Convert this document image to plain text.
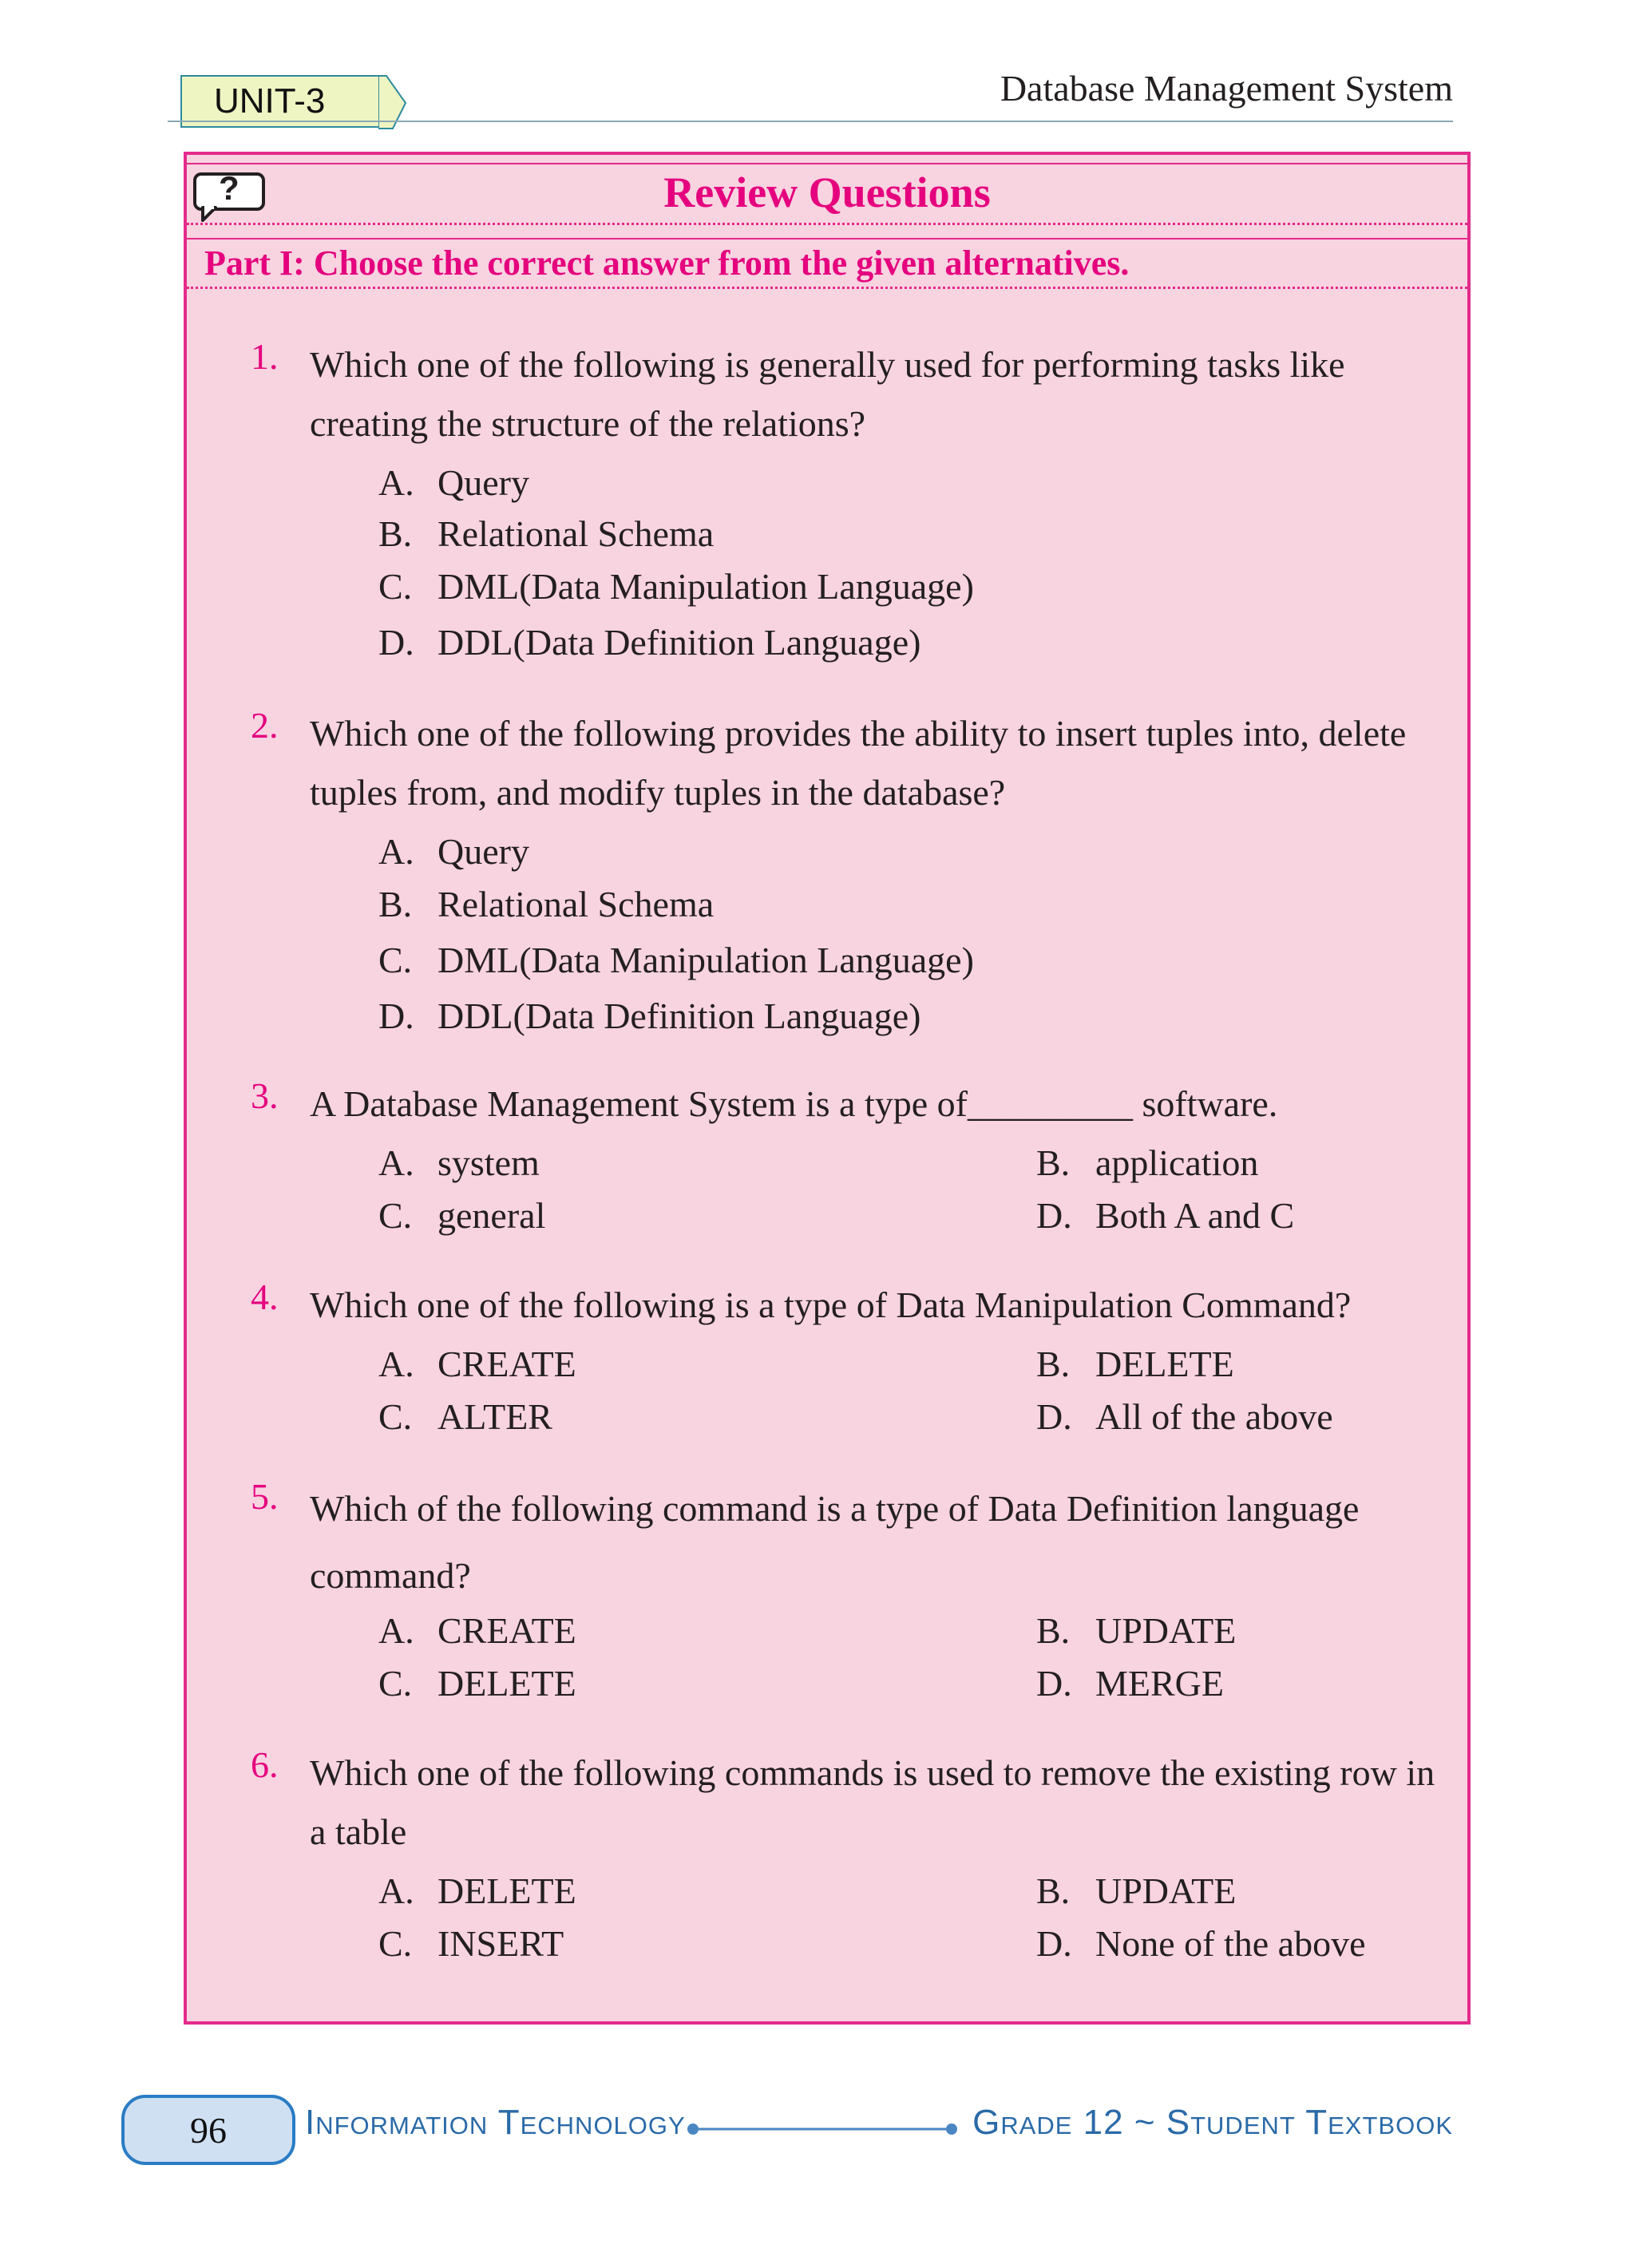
UNIT-3	Database Management System
?	Review Questions
Part I: Choose the correct answer from the given alternatives.
1. Which one of the following is generally used for performing tasks like creating the structure of the relations?
A. Query
B. Relational Schema
C. DML(Data Manipulation Language)
D. DDL(Data Definition Language)
2. Which one of the following provides the ability to insert tuples into, delete tuples from, and modify tuples in the database?
A. Query
B. Relational Schema
C. DML(Data Manipulation Language)
D. DDL(Data Definition Language)
3. A Database Management System is a type of_________ software.
A. system	B. application
C. general	D. Both A and C
4. Which one of the following is a type of Data Manipulation Command?
A. CREATE	B. DELETE
C. ALTER	D. All of the above
5. Which of the following command is a type of Data Definition language command?
A. CREATE	B. UPDATE
C. DELETE	D. MERGE
6. Which one of the following commands is used to remove the existing row in a table
A. DELETE	B. UPDATE
C. INSERT	D. None of the above
96 Information Technology	Grade 12 ~ Student Textbook
